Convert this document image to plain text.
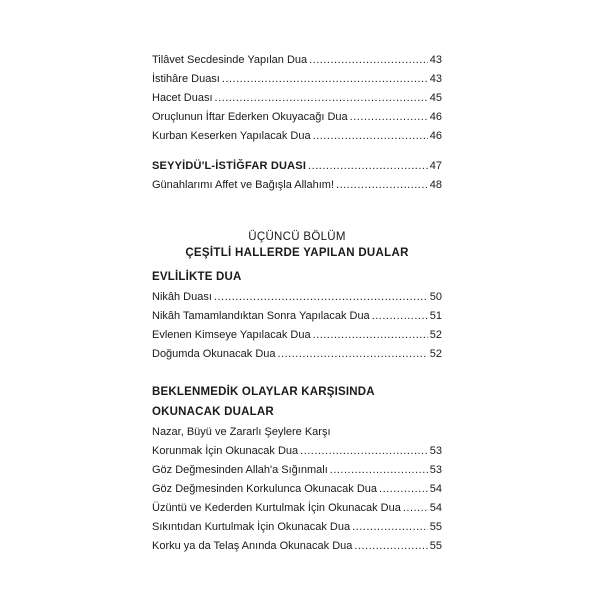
Tilâvet Secdesinde Yapılan Dua .....	43
İstihâre Duası .....	43
Hacet Duası .....	45
Oruçlunun İftar Ederken Okuyacağı Dua .....	46
Kurban Keserken Yapılacak Dua .....	46
SEYYİDÜ'L-İSTİĞFAR DUASI .....	47
Günahlarımı Affet ve Bağışla Allahım! .....	48
ÜÇÜNCÜ BÖLÜM
ÇEŞİTLİ HALLERDE YAPILAN DUALAR
EVLİLİKTE DUA
Nikâh Duası .....	50
Nikâh Tamamlandıktan Sonra Yapılacak Dua .....	51
Evlenen Kimseye Yapılacak Dua .....	52
Doğumda Okunacak Dua .....	52
BEKLENMEDİK OLAYLAR KARŞISINDA
OKUNACAK DUALAR
Nazar, Büyü ve Zararlı Şeylere Karşı
Korunmak İçin Okunacak Dua .....	53
Göz Değmesinden Allah'a Sığınmalı .....	53
Göz Değmesinden Korkulunca Okunacak Dua .....	54
Üzüntü ve Kederden Kurtulmak İçin Okunacak Dua .....	54
Sıkıntıdan Kurtulmak İçin Okunacak Dua .....	55
Korku ya da Telaş Anında Okunacak Dua .....	55
